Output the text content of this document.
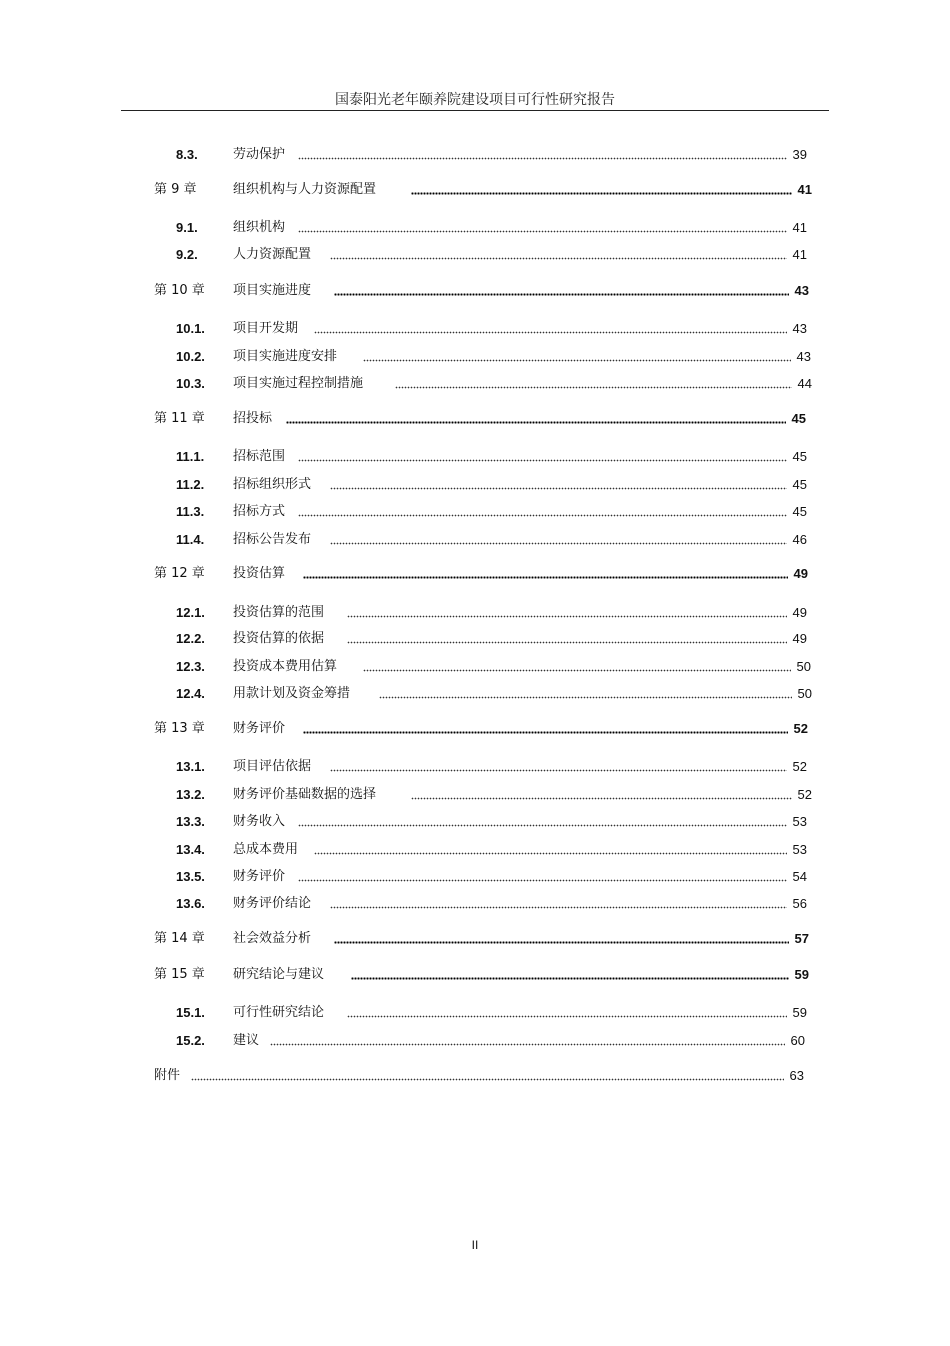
国泰阳光老年颐养院建设项目可行性研究报告
8.3.	劳动保护	39
第 9 章	组织机构与人力资源配置	41
9.1.	组织机构	41
9.2.	人力资源配置	41
第 10 章 项目实施进度	43
10.1. 项目开发期	43
10.2. 项目实施进度安排	43
10.3. 项目实施过程控制措施	44
第 11 章 招投标	45
11.1. 招标范围	45
11.2. 招标组织形式	45
11.3. 招标方式	45
11.4. 招标公告发布	46
第 12 章 投资估算	49
12.1. 投资估算的范围	49
12.2. 投资估算的依据	49
12.3. 投资成本费用估算	50
12.4. 用款计划及资金筹措	50
第 13 章 财务评价	52
13.1. 项目评估依据	52
13.2. 财务评价基础数据的选择	52
13.3. 财务收入	53
13.4. 总成本费用	53
13.5. 财务评价	54
13.6. 财务评价结论	56
第 14 章 社会效益分析	57
第 15 章 研究结论与建议	59
15.1. 可行性研究结论	59
15.2. 建议	60
附件	63
II
